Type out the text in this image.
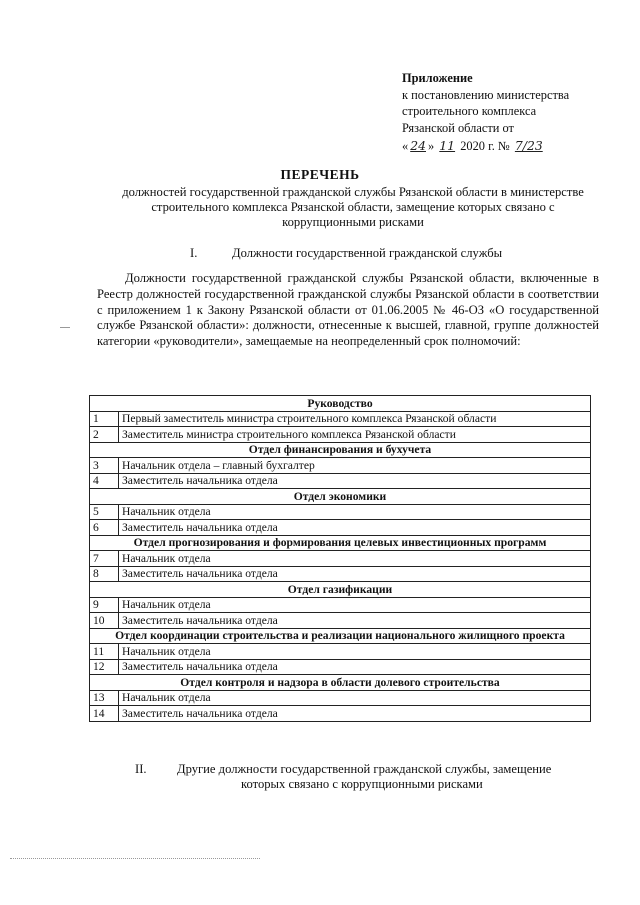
Приложение
к постановлению министерства
строительного комплекса
Рязанской области от
« 24 » 11 2020 г. № 7/23
ПЕРЕЧЕНЬ
должностей государственной гражданской службы Рязанской области в министерстве строительного комплекса Рязанской области, замещение которых связано с коррупционными рисками
I.	Должности государственной гражданской службы
Должности государственной гражданской службы Рязанской области, включенные в Реестр должностей государственной гражданской службы Рязанской области в соответствии с приложением 1 к Закону Рязанской области от 01.06.2005 № 46-ОЗ «О государственной службе Рязанской области»: должности, отнесенные к высшей, главной, группе должностей категории «руководители», замещаемые на неопределенный срок полномочий:
Руководство	
1	Первый заместитель министра строительного комплекса Рязанской области
2	Заместитель министра строительного комплекса Рязанской области
Отдел финансирования и бухучета	
3	Начальник отдела – главный бухгалтер
4	Заместитель начальника отдела
Отдел экономики	
5	Начальник отдела
6	Заместитель начальника отдела
Отдел прогнозирования и формирования целевых инвестиционных программ	
7	Начальник отдела
8	Заместитель начальника отдела
Отдел газификации	
9	Начальник отдела
10	Заместитель начальника отдела
Отдел координации строительства и реализации национального жилищного проекта	
11	Начальник отдела
12	Заместитель начальника отдела
Отдел контроля и надзора в области долевого строительства	
13	Начальник отдела
14	Заместитель начальника отдела
II. Другие должности государственной гражданской службы, замещение
которых связано с коррупционными рисками
